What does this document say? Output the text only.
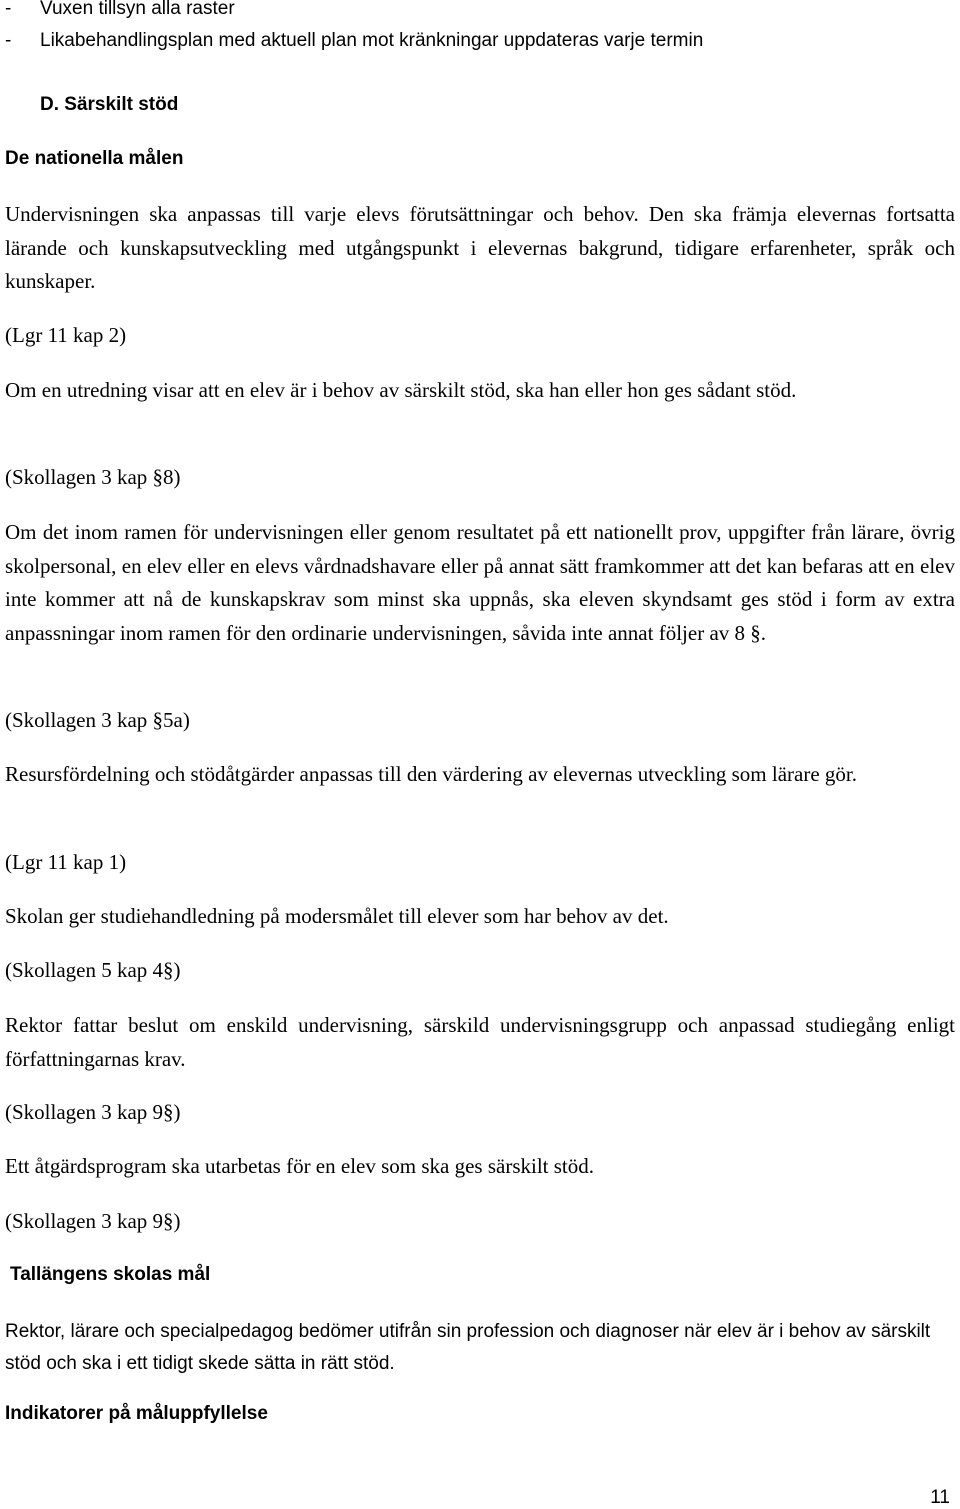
- Vuxen tillsyn alla raster
- Likabehandlingsplan med aktuell plan mot kränkningar uppdateras varje termin
D. Särskilt stöd
De nationella målen

Undervisningen ska anpassas till varje elevs förutsättningar och behov. Den ska främja elevernas fortsatta lärande och kunskapsutveckling med utgångspunkt i elevernas bakgrund, tidigare erfarenheter, språk och kunskaper.

(Lgr 11 kap 2)

Om en utredning visar att en elev är i behov av särskilt stöd, ska han eller hon ges sådant stöd.

(Skollagen 3 kap §8)

Om det inom ramen för undervisningen eller genom resultatet på ett nationellt prov, uppgifter från lärare, övrig skolpersonal, en elev eller en elevs vårdnadshavare eller på annat sätt framkommer att det kan befaras att en elev inte kommer att nå de kunskapskrav som minst ska uppnås, ska eleven skyndsamt ges stöd i form av extra anpassningar inom ramen för den ordinarie undervisningen, såvida inte annat följer av 8 §.

(Skollagen 3 kap §5a)

Resursfördelning och stödåtgärder anpassas till den värdering av elevernas utveckling som lärare gör.

(Lgr 11 kap 1)

Skolan ger studiehandledning på modersmålet till elever som har behov av det.

(Skollagen 5 kap 4§)

Rektor fattar beslut om enskild undervisning, särskild undervisningsgrupp och anpassad studiegång enligt författningarnas krav.

(Skollagen 3 kap 9§)

Ett åtgärdsprogram ska utarbetas för en elev som ska ges särskilt stöd.

(Skollagen 3 kap 9§)
Tallängens skolas mål

Rektor, lärare och specialpedagog bedömer utifrån sin profession och diagnoser när elev är i behov av särskilt stöd och ska i ett tidigt skede sätta in rätt stöd.

Indikatorer på måluppfyllelse
11
